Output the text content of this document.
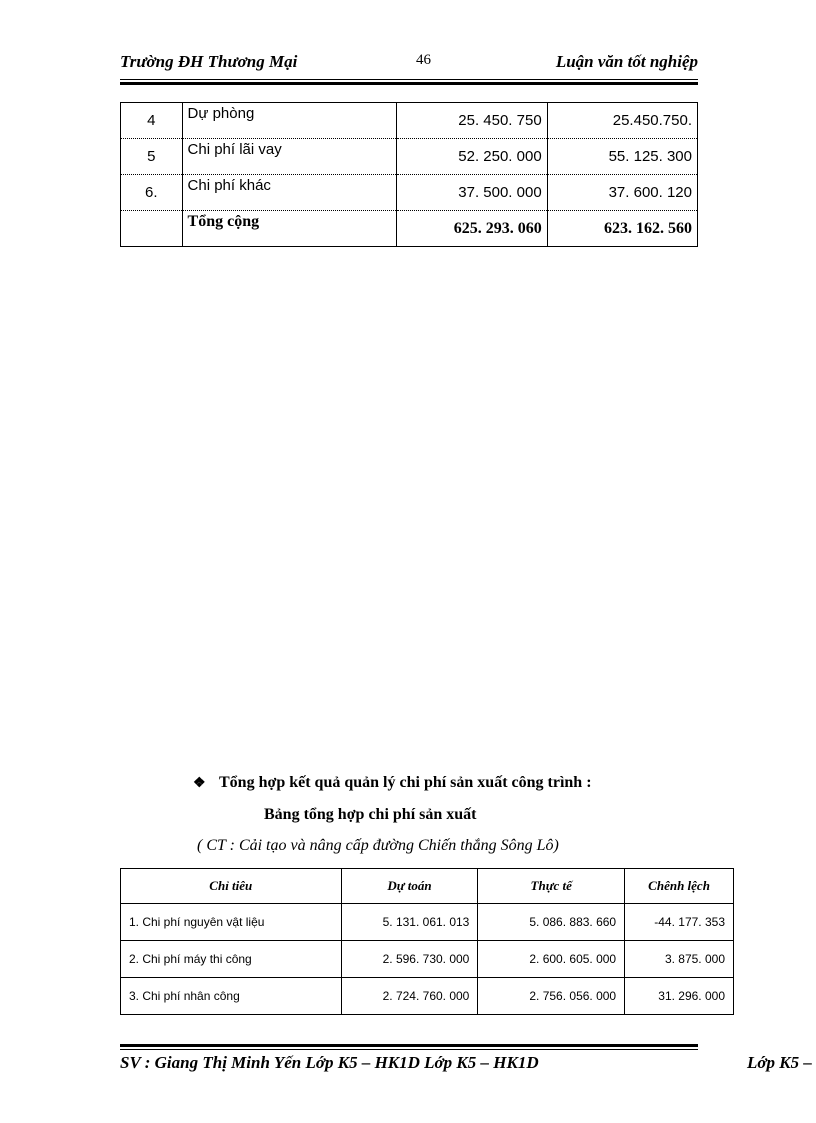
Trường ĐH Thương Mại	46	Luận văn tốt nghiệp
4	Dự phòng	25. 450. 750	25.450.750.
5	Chi phí lãi vay	52. 250. 000	55. 125. 300
6.	Chi phí khác	37. 500. 000	37. 600. 120
	Tổng cộng	625. 293. 060	623. 162. 560
❖ Tổng hợp kết quả quản lý chi phí sản xuất công trình :
Bảng tổng hợp chi phí sản xuất
( CT : Cải tạo và nâng cấp đường Chiến thắng Sông Lô)
Chỉ tiêu	Dự toán	Thực tế	Chênh lệch
1. Chi phí nguyên vật liệu	5. 131. 061. 013	5. 086. 883. 660	-44. 177. 353
2. Chi phí máy thi công	2. 596. 730. 000	2. 600. 605. 000	3. 875. 000
3. Chi phí nhân công	2. 724. 760. 000	2. 756. 056. 000	31. 296. 000
SV : Giang Thị Minh Yến Lớp K5 – HK1D Lớp K5 – HK1D	Lớp K5 –
